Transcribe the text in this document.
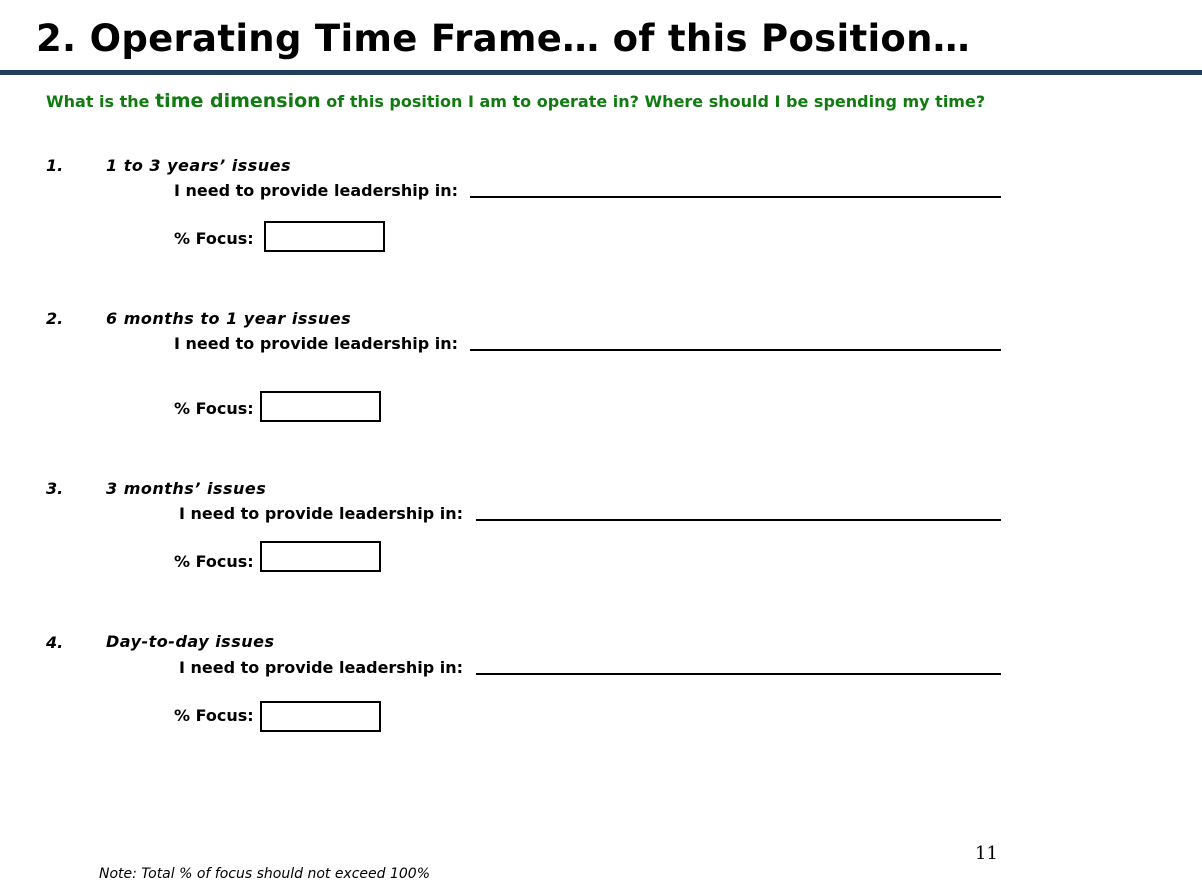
2. Operating Time Frame… of this Position…
What is the time dimension of this position I am to operate in? Where should I be spending my time?
1.	1 to 3 years’ issues
I need to provide leadership in:
% Focus:
2.	6 months to 1 year issues
I need to provide leadership in:
% Focus:
3.	3 months’ issues
I need to provide leadership in:
% Focus:
4.	Day-to-day issues
I need to provide leadership in:
% Focus:
11
Note: Total % of focus should not exceed 100%
